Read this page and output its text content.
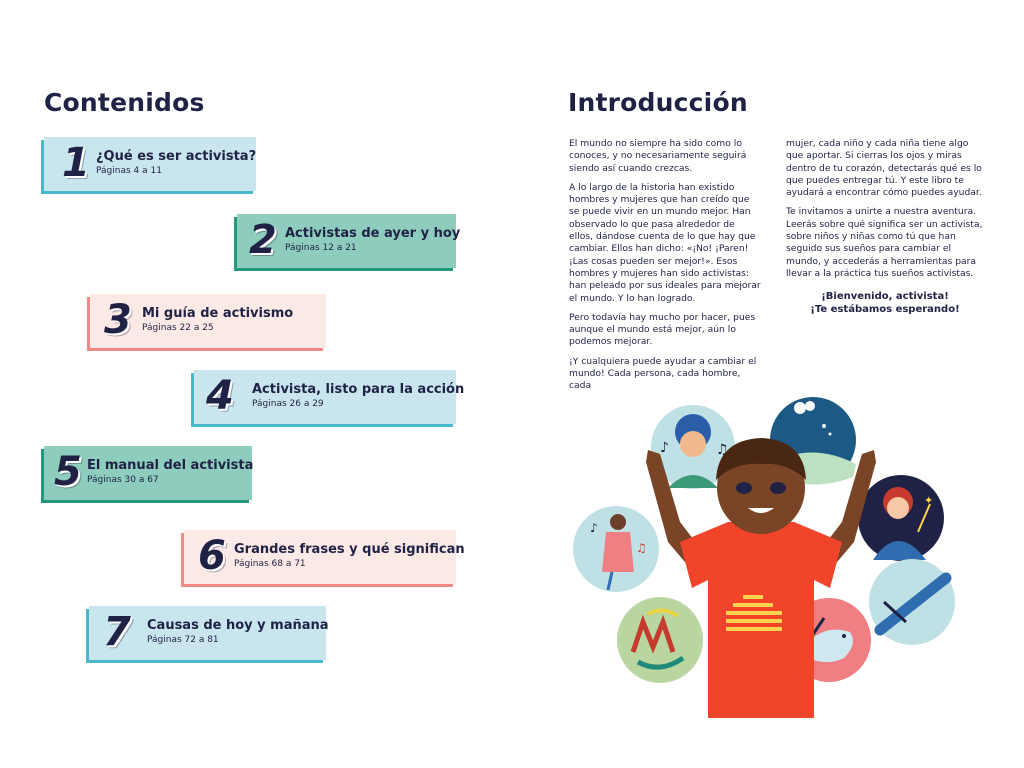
Contenidos
1 ¿Qué es ser activista?
Páginas 4 a 11
2 Activistas de ayer y hoy
Páginas 12 a 21
3 Mi guía de activismo
Páginas 22 a 25
4 Activista, listo para la acción
Páginas 26 a 29
5 El manual del activista
Páginas 30 a 67
6 Grandes frases y qué significan
Páginas 68 a 71
7 Causas de hoy y mañana
Páginas 72 a 81
Introducción

El mundo no siempre ha sido como lo conoces, y no necesariamente seguirá siendo así cuando crezcas.

A lo largo de la historia han existido hombres y mujeres que han creído que se puede vivir en un mundo mejor. Han observado lo que pasa alrededor de ellos, dándose cuenta de lo que hay que cambiar. Ellos han dicho: «¡No! ¡Paren! ¡Las cosas pueden ser mejor!». Esos hombres y mujeres han sido activistas: han peleado por sus ideales para mejorar el mundo. Y lo han logrado.

Pero todavía hay mucho por hacer, pues aunque el mundo está mejor, aún lo podemos mejorar.

¡Y cualquiera puede ayudar a cambiar el mundo! Cada persona, cada hombre, cada

mujer, cada niño y cada niña tiene algo que aportar. Si cierras los ojos y miras dentro de tu corazón, detectarás qué es lo que puedes entregar tú. Y este libro te ayudará a encontrar cómo puedes ayudar.

Te invitamos a unirte a nuestra aventura. Leerás sobre qué significa ser un activista, sobre niños y niñas como tú que han seguido sus sueños para cambiar el mundo, y accederás a herramientas para llevar a la práctica tus sueños activistas.

¡Bienvenido, activista!
¡Te estábamos esperando!

♪	♫
✦
♪
♫
